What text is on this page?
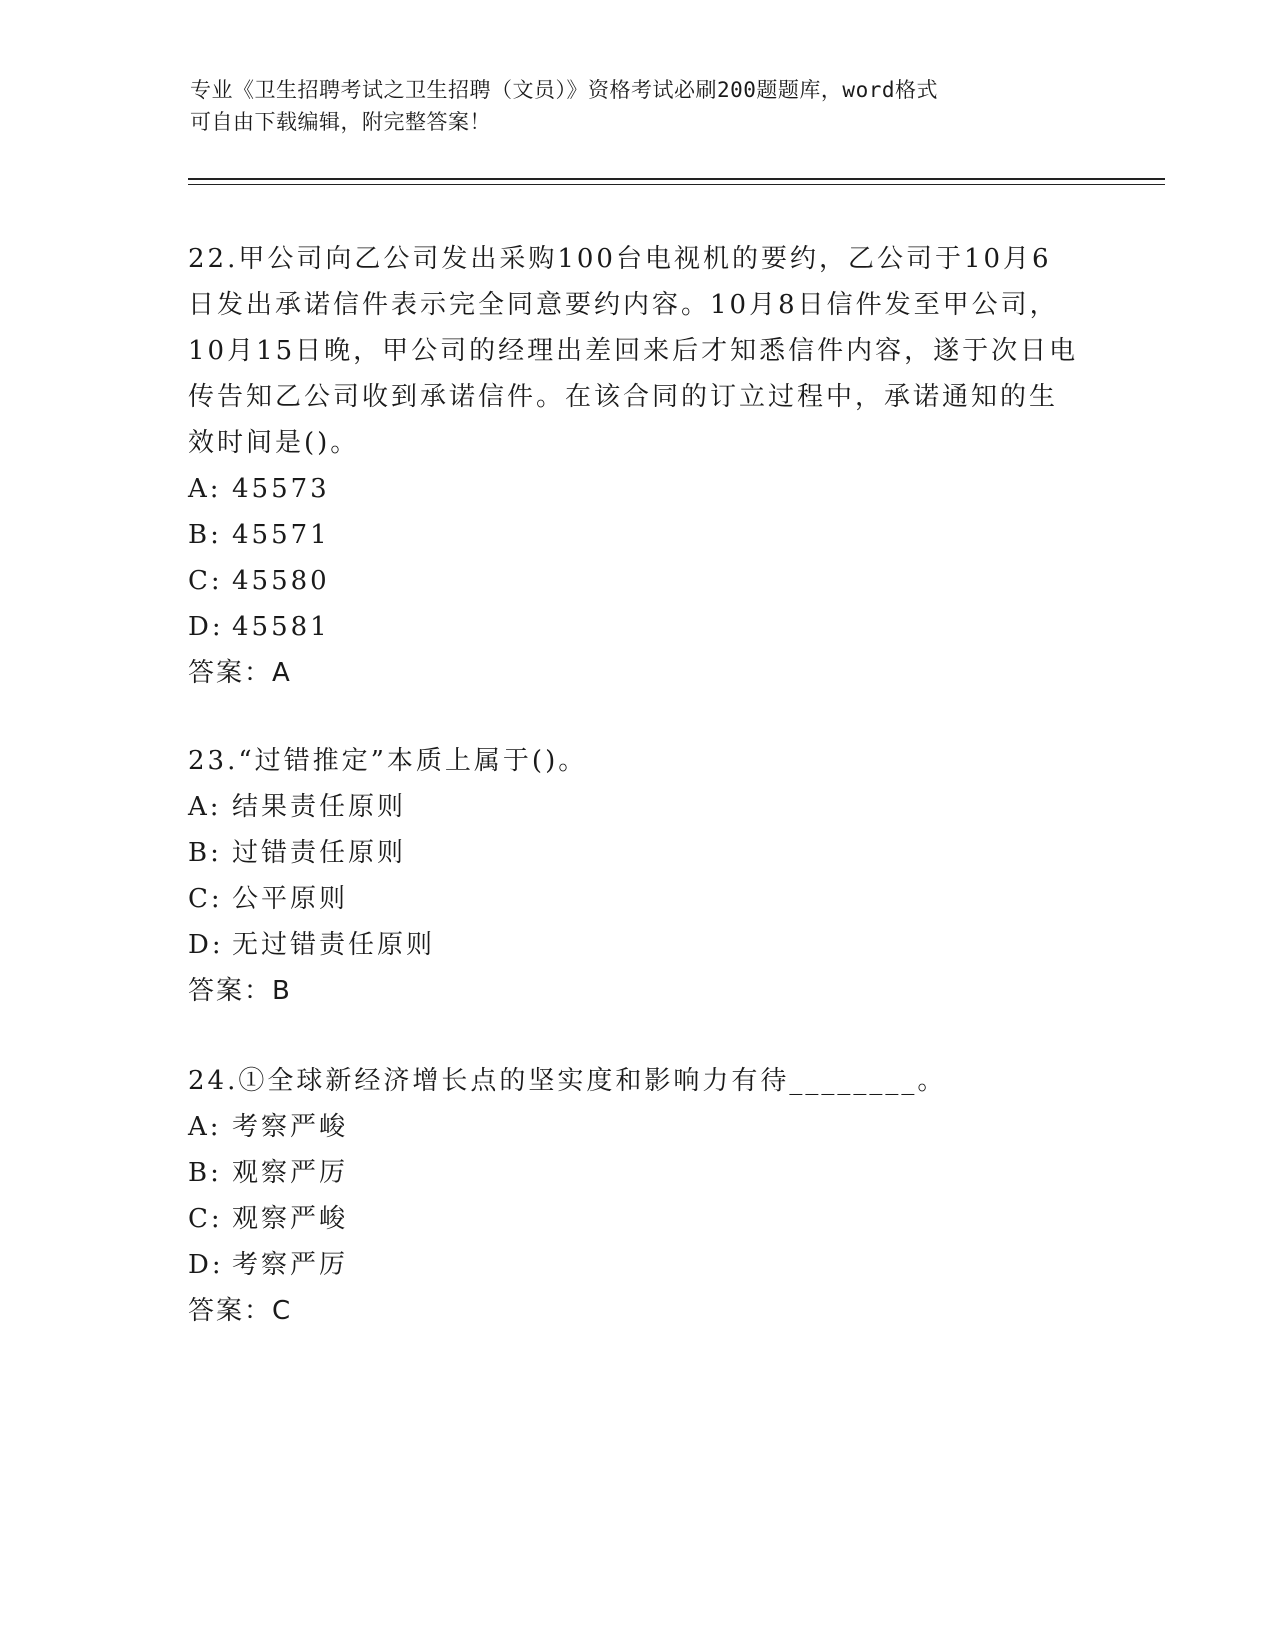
专业《卫生招聘考试之卫生招聘（文员）》资格考试必刷200题题库，word格式
可自由下载编辑，附完整答案！
22.甲公司向乙公司发出采购100台电视机的要约，乙公司于10月6
日发出承诺信件表示完全同意要约内容。10月8日信件发至甲公司，
10月15日晚，甲公司的经理出差回来后才知悉信件内容，遂于次日电
传告知乙公司收到承诺信件。在该合同的订立过程中，承诺通知的生
效时间是()。
A: 45573
B: 45571
C: 45580
D: 45581
答案：A
23.“过错推定”本质上属于()。
A: 结果责任原则
B: 过错责任原则
C: 公平原则
D: 无过错责任原则
答案：B
24.①全球新经济增长点的坚实度和影响力有待________。
A: 考察严峻
B: 观察严厉
C: 观察严峻
D: 考察严厉
答案：C
